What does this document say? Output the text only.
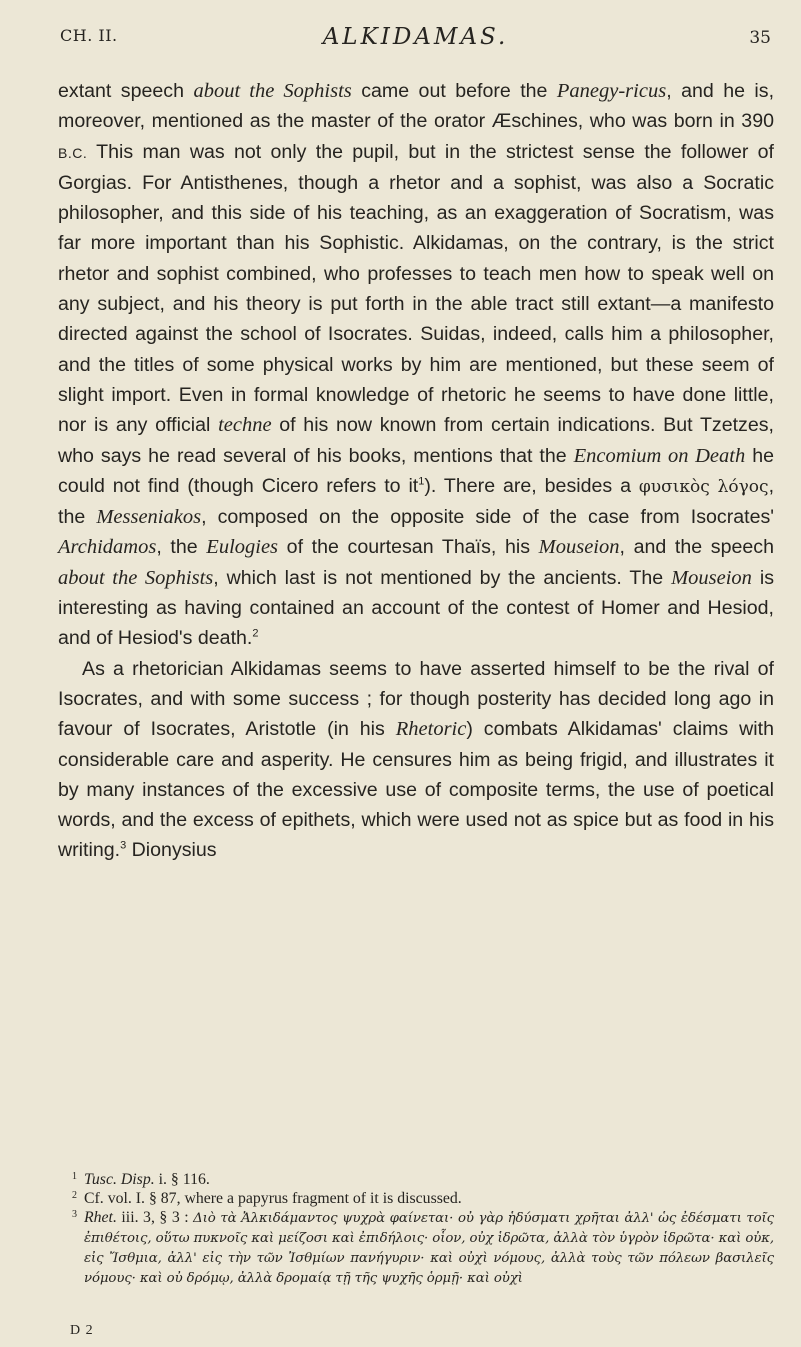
CH. II.	ALKIDAMAS.	35

extant speech about the Sophists came out before the Panegy-ricus, and he is, moreover, mentioned as the master of the orator Æschines, who was born in 390 B.C. This man was not only the pupil, but in the strictest sense the follower of Gorgias. For Antisthenes, though a rhetor and a sophist, was also a Socratic philosopher, and this side of his teaching, as an exaggeration of Socratism, was far more important than his Sophistic. Alkidamas, on the contrary, is the strict rhetor and sophist combined, who professes to teach men how to speak well on any subject, and his theory is put forth in the able tract still extant—a manifesto directed against the school of Isocrates. Suidas, indeed, calls him a philosopher, and the titles of some physical works by him are mentioned, but these seem of slight import. Even in formal knowledge of rhetoric he seems to have done little, nor is any official techne of his now known from certain indications. But Tzetzes, who says he read several of his books, mentions that the Encomium on Death he could not find (though Cicero refers to $it^1$). There are, besides a φυσικὸς λόγος, the Messeniakos, composed on the opposite side of the case from Isocrates' Archidamos, the Eulogies of the courtesan Thaïs, his Mouseion, and the speech about the Sophists, which last is not mentioned by the ancients. The Mouseion is interesting as having contained an account of the contest of Homer and Hesiod, and of Hesiod's death.$^2$

As a rhetorician Alkidamas seems to have asserted himself to be the rival of Isocrates, and with some success ; for though posterity has decided long ago in favour of Isocrates, Aristotle (in his Rhetoric) combats Alkidamas' claims with considerable care and asperity. He censures him as being frigid, and illustrates it by many instances of the excessive use of composite terms, the use of poetical words, and the excess of epithets, which were used not as spice but as food in his writing.$^3$ Dionysius

1 Tusc. Disp. i. § 116.

2 Cf. vol. I. § 87, where a papyrus fragment of it is discussed.

3 Rhet. iii. 3, § 3 : Διὸ τὰ Ἀλκιδάμαντος ψυχρὰ φαίνεται· οὐ γὰρ ἡδύσματι χρῆται ἀλλ' ὡς ἐδέσματι τοῖς ἐπιθέτοις, οὕτω πυκνοῖς καὶ μείζοσι καὶ ἐπιδήλοις· οἷον, οὐχ ἱδρῶτα, ἀλλὰ τὸν ὑγρὸν ἱδρῶτα· καὶ οὐκ, εἰς Ἴσθμια, ἀλλ' εἰς τὴν τῶν Ἰσθμίων πανήγυριν· καὶ οὐχὶ νόμους, ἀλλὰ τοὺς τῶν πόλεων βασιλεῖς νόμους· καὶ οὐ δρόμῳ, ἀλλὰ δρομαίᾳ τῇ τῆς ψυχῆς ὁρμῇ· καὶ οὐχὶ

D 2
